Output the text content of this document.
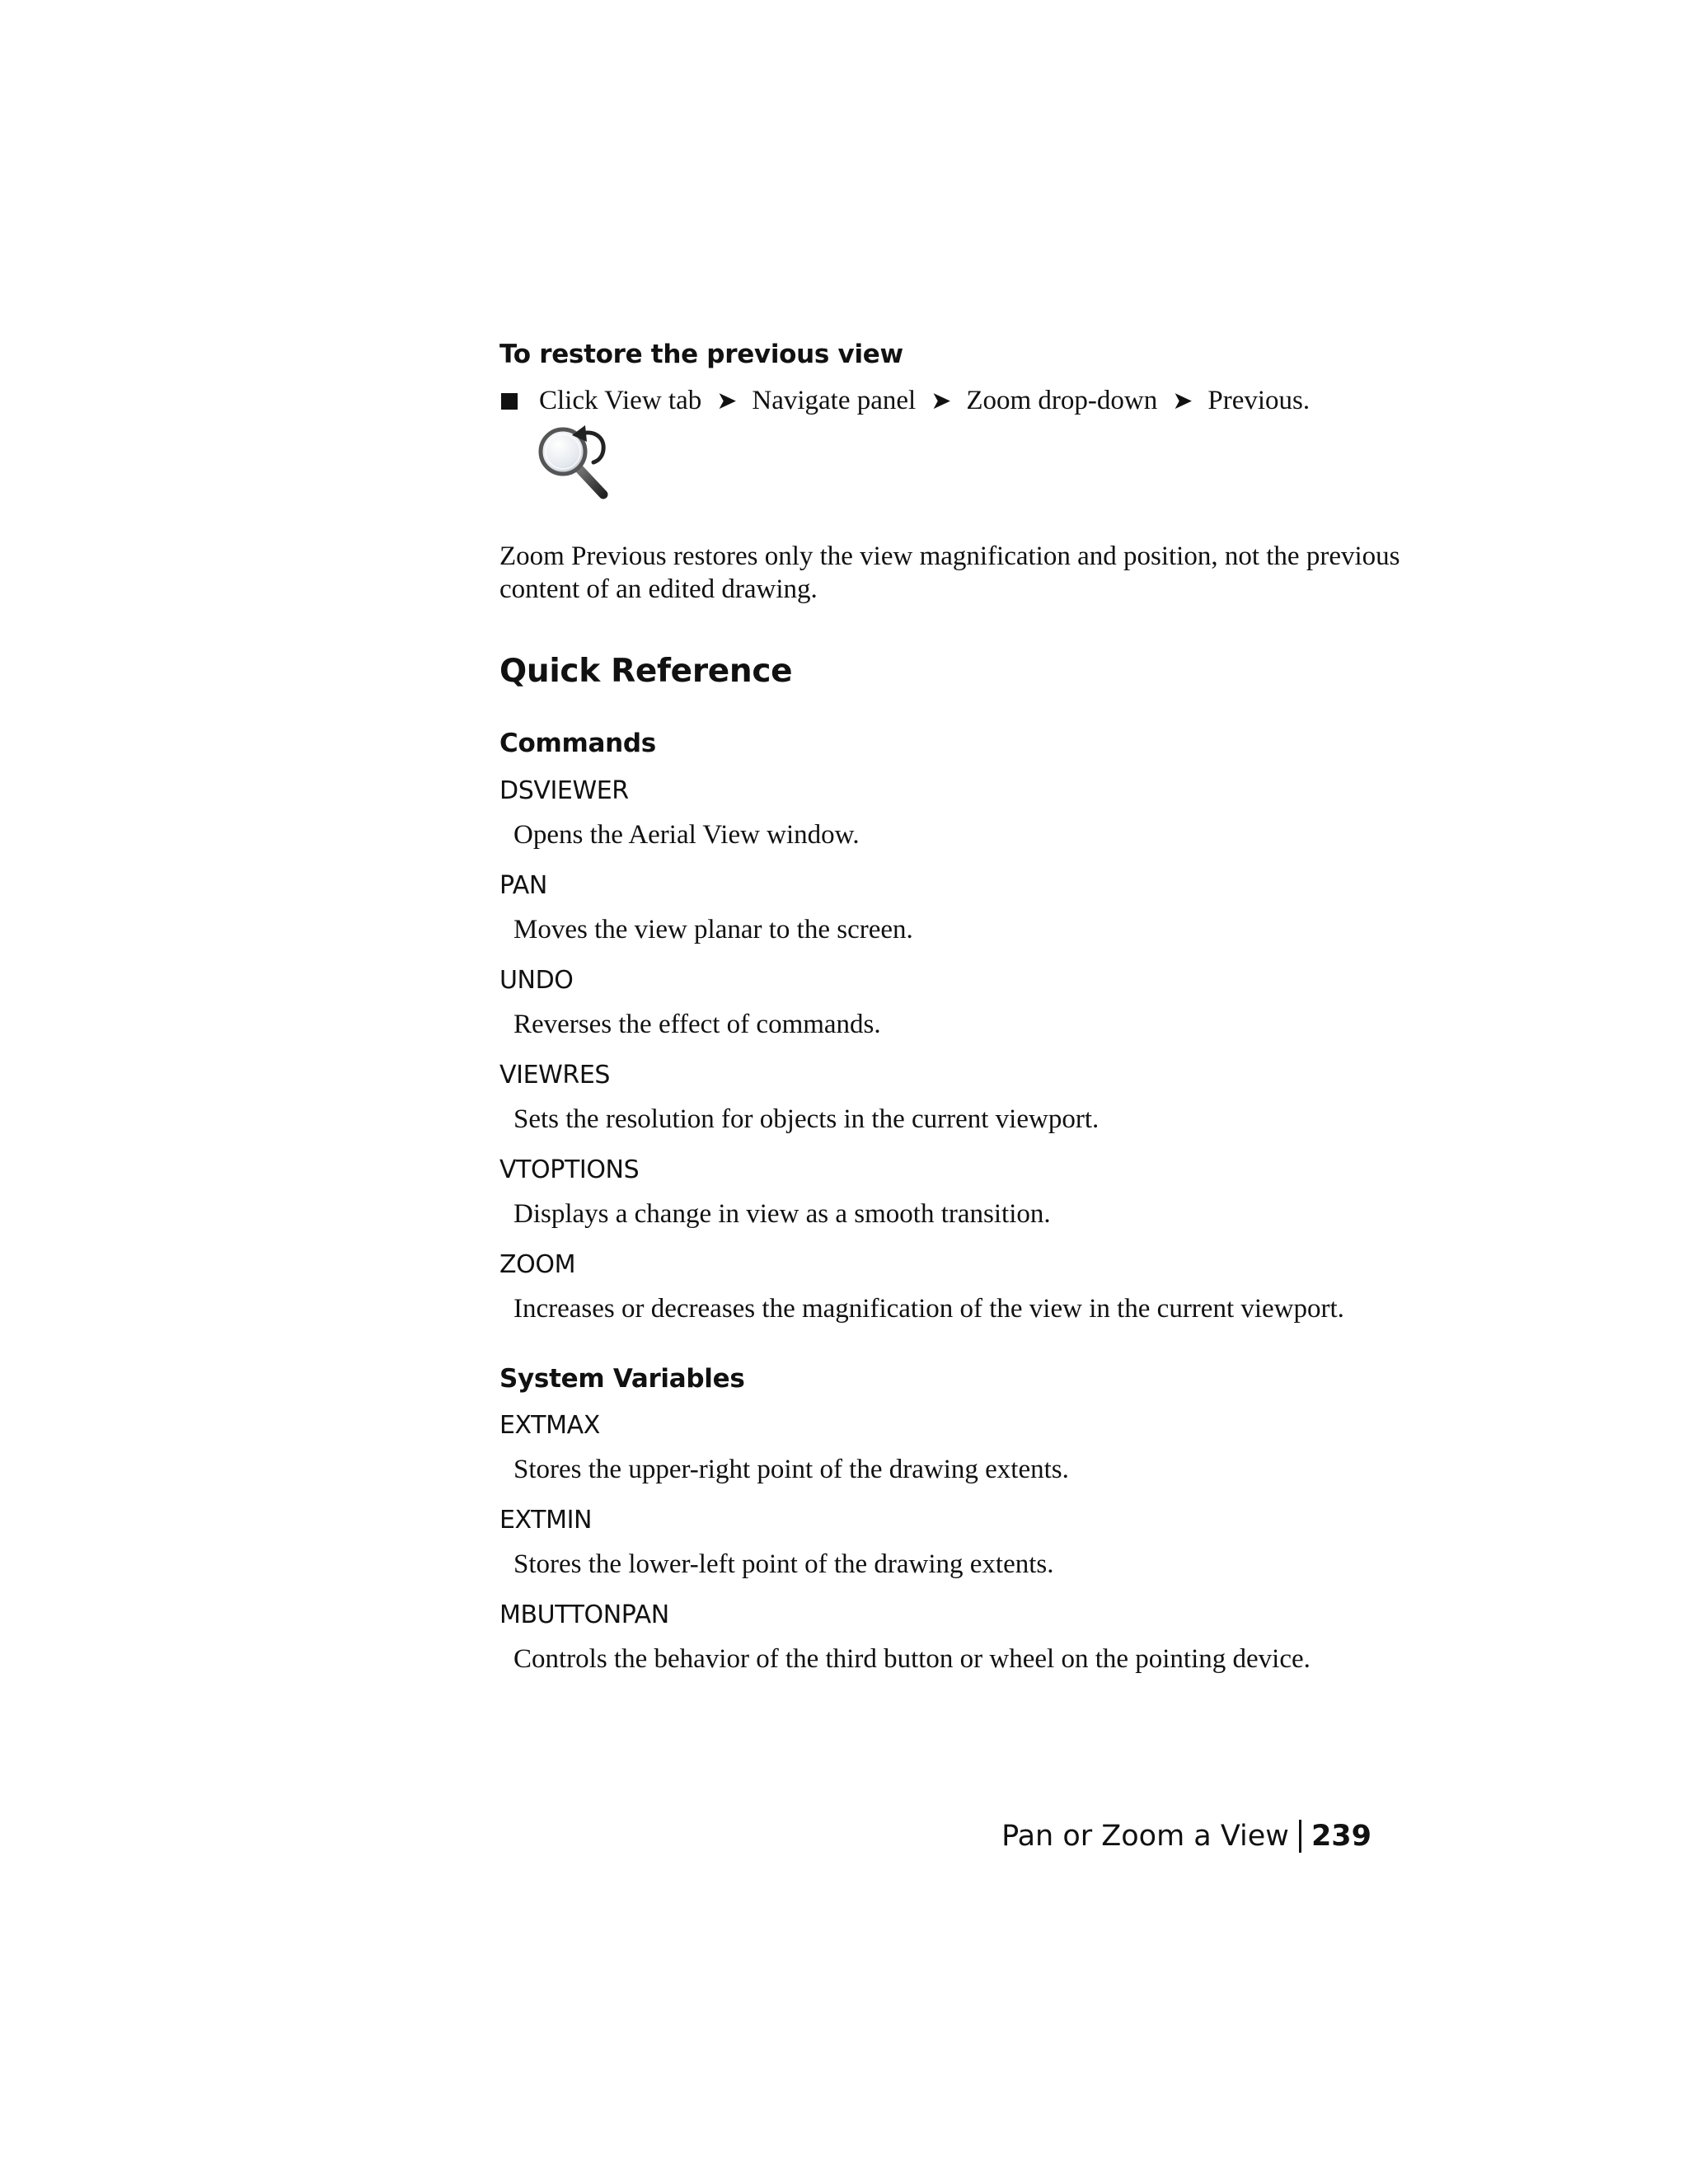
To restore the previous view
Click View tab ➤ Navigate panel ➤ Zoom drop-down ➤ Previous.
Zoom Previous restores only the view magnification and position, not the previous content of an edited drawing.
Quick Reference
Commands
DSVIEWER
Opens the Aerial View window.
PAN
Moves the view planar to the screen.
UNDO
Reverses the effect of commands.
VIEWRES
Sets the resolution for objects in the current viewport.
VTOPTIONS
Displays a change in view as a smooth transition.
ZOOM
Increases or decreases the magnification of the view in the current viewport.
System Variables
EXTMAX
Stores the upper-right point of the drawing extents.
EXTMIN
Stores the lower-left point of the drawing extents.
MBUTTONPAN
Controls the behavior of the third button or wheel on the pointing device.
Pan or Zoom a View 239
